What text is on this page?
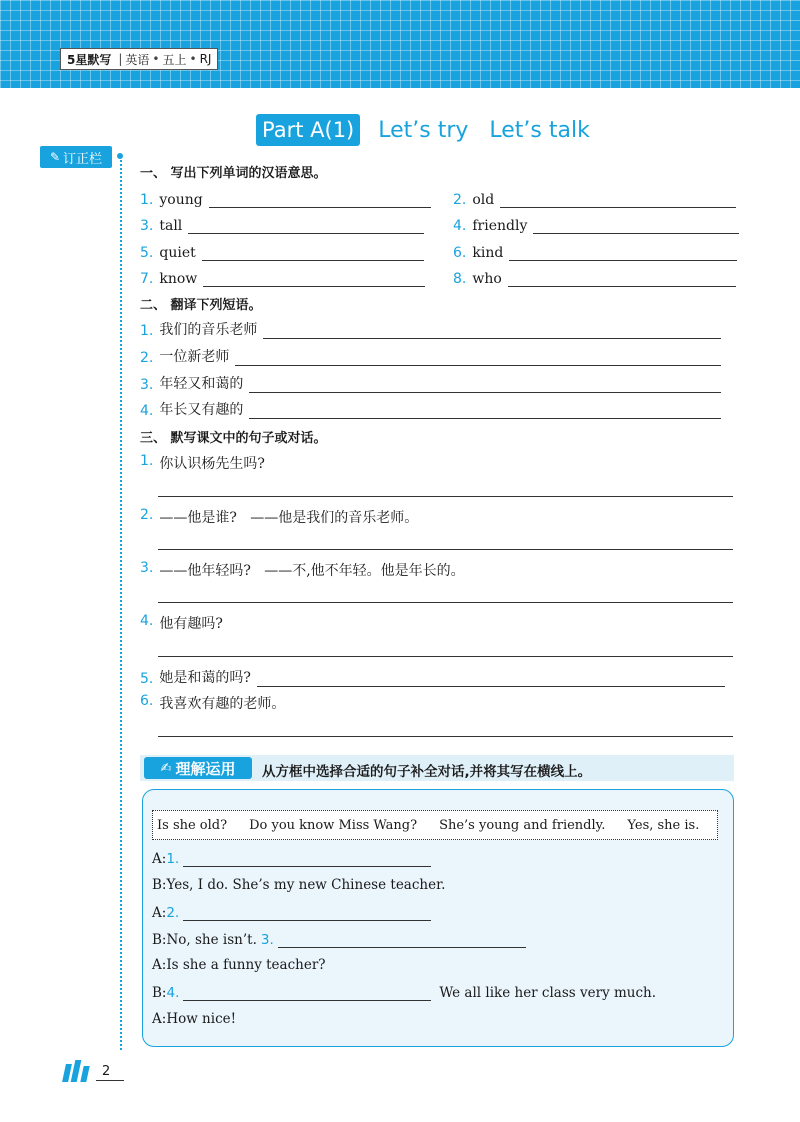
5星默写 | 英语 • 五上 • RJ
Part A(1) Let’s try   Let’s talk
✎ 订正栏
一、 写出下列单词的汉语意思。
1. young	2. old
3. tall	4. friendly
5. quiet	6. kind
7. know	8. who
二、 翻译下列短语。
1. 我们的音乐老师
2. 一位新老师
3. 年轻又和蔼的
4. 年长又有趣的
三、 默写课文中的句子或对话。
1. 你认识杨先生吗?
2. ——他是谁?   ——他是我们的音乐老师。
3. ——他年轻吗?   ——不,他不年轻。他是年长的。
4. 他有趣吗?
5. 她是和蔼的吗?
6. 我喜欢有趣的老师。
✍ 理解运用 从方框中选择合适的句子补全对话,并将其写在横线上。
Is she old? Do you know Miss Wang? She’s young and friendly. Yes, she is.
A: 1.
B: Yes, I do. She’s my new Chinese teacher.
A: 2.
B: No, she isn’t. 3.
A: Is she a funny teacher?
B: 4.	We all like her class very much.
A: How nice!
2
